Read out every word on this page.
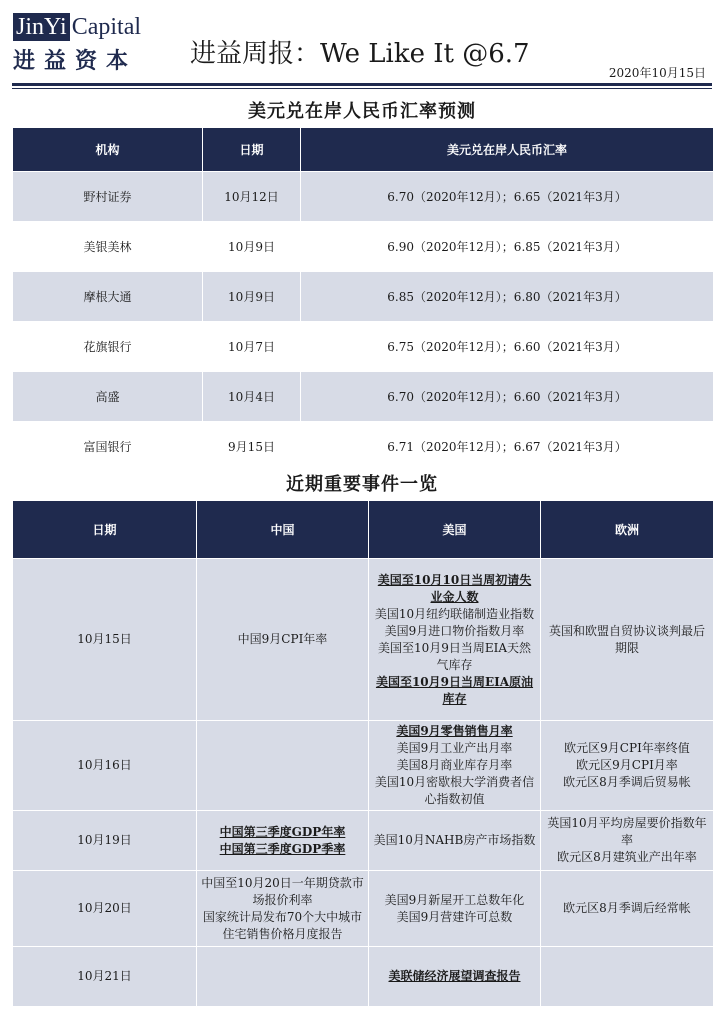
JinYi Capital
进益资本	进益周报：We Like It @6.7
2020年10月15日
美元兑在岸人民币汇率预测
机构	日期	美元兑在岸人民币汇率
野村证券	10月12日	6.70（2020年12月）；6.65（2021年3月）
美银美林	10月9日	6.90（2020年12月）；6.85（2021年3月）
摩根大通	10月9日	6.85（2020年12月）；6.80（2021年3月）
花旗银行	10月7日	6.75（2020年12月）；6.60（2021年3月）
高盛	10月4日	6.70（2020年12月）；6.60（2021年3月）
富国银行	9月15日	6.71（2020年12月）；6.67（2021年3月）
近期重要事件一览
日期	中国	美国	欧洲
10月15日	中国9月CPI年率	美国至10月10日当周初请失业金人数
美国10月纽约联储制造业指数
美国9月进口物价指数月率
美国至10月9日当周EIA天然气库存
美国至10月9日当周EIA原油库存	英国和欧盟自贸协议谈判最后期限

10月16日		美国9月零售销售月率
美国9月工业产出月率
美国8月商业库存月率
美国10月密歇根大学消费者信心指数初值	欧元区9月CPI年率终值
欧元区9月CPI月率
欧元区8月季调后贸易帐

10月19日	中国第三季度GDP年率
中国第三季度GDP季率	美国10月NAHB房产市场指数	英国10月平均房屋要价指数年率
欧元区8月建筑业产出年率

10月20日	中国至10月20日一年期贷款市场报价利率
国家统计局发布70个大中城市住宅销售价格月度报告	美国9月新屋开工总数年化
美国9月营建许可总数	欧元区8月季调后经常帐

10月21日		美联储经济展望调查报告	
